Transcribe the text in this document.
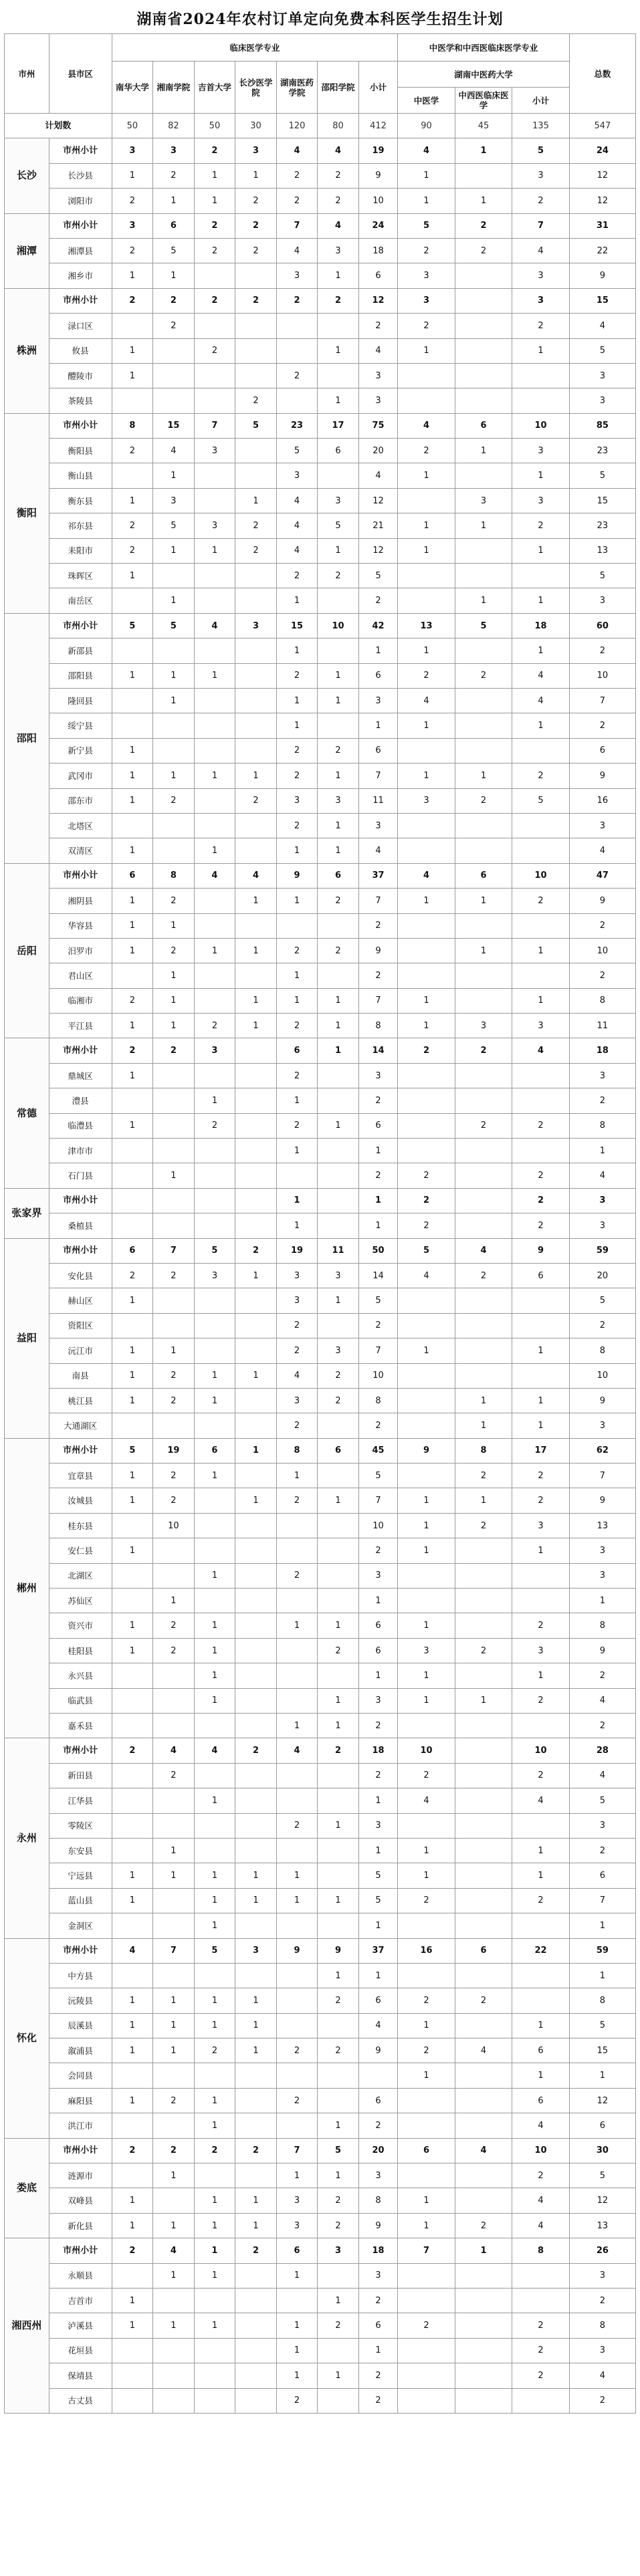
湖南省2024年农村订单定向免费本科医学生招生计划
市州	县市区	临床医学专业							中医学和中西医临床医学专业			总数
		南华大学	湘南学院	吉首大学	长沙医学院	湖南医药学院	邵阳学院	小计	湖南中医药大学			
									中医学	中西医临床医学	小计	
计划数		50	82	50	30	120	80	412	90	45	135	547
长沙	市州小计	3	3	2	3	4	4	19	4	1	5	24
	长沙县	1	2	1	1	2	2	9	1		3	12
	浏阳市	2	1	1	2	2	2	10	1	1	2	12
湘潭	市州小计	3	6	2	2	7	4	24	5	2	7	31
	湘潭县	2	5	2	2	4	3	18	2	2	4	22
	湘乡市	1	1			3	1	6	3		3	9
株洲	市州小计	2	2	2	2	2	2	12	3		3	15
	渌口区		2					2	2		2	4
	攸县	1		2			1	4	1		1	5
	醴陵市	1				2		3				3
	茶陵县				2		1	3				3
衡阳	市州小计	8	15	7	5	23	17	75	4	6	10	85
	衡阳县	2	4	3		5	6	20	2	1	3	23
	衡山县		1			3		4	1		1	5
	衡东县	1	3		1	4	3	12		3	3	15
	祁东县	2	5	3	2	4	5	21	1	1	2	23
	耒阳市	2	1	1	2	4	1	12	1		1	13
	珠晖区	1				2	2	5				5
	南岳区		1			1		2		1	1	3
邵阳	市州小计	5	5	4	3	15	10	42	13	5	18	60
	新邵县					1		1	1		1	2
	邵阳县	1	1	1		2	1	6	2	2	4	10
	隆回县		1			1	1	3	4		4	7
	绥宁县					1		1	1		1	2
	新宁县	1				2	2	6				6
	武冈市	1	1	1	1	2	1	7	1	1	2	9
	邵东市	1	2		2	3	3	11	3	2	5	16
	北塔区					2	1	3				3
	双清区	1		1		1	1	4				4
岳阳	市州小计	6	8	4	4	9	6	37	4	6	10	47
	湘阴县	1	2		1	1	2	7	1	1	2	9
	华容县	1	1					2				2
	汨罗市	1	2	1	1	2	2	9		1	1	10
	君山区		1			1		2				2
	临湘市	2	1		1	1	1	7	1		1	8
	平江县	1	1	2	1	2	1	8	1	3	3	11
常德	市州小计	2	2	3		6	1	14	2	2	4	18
	鼎城区	1				2		3				3
	澧县			1		1		2				2
	临澧县	1		2		2	1	6		2	2	8
	津市市					1		1				1
	石门县		1					2	2		2	4
张家界	市州小计					1		1	2		2	3
	桑植县					1		1	2		2	3
益阳	市州小计	6	7	5	2	19	11	50	5	4	9	59
	安化县	2	2	3	1	3	3	14	4	2	6	20
	赫山区	1				3	1	5				5
	资阳区					2		2				2
	沅江市	1	1			2	3	7	1		1	8
	南县	1	2	1	1	4	2	10				10
	桃江县	1	2	1		3	2	8		1	1	9
	大通湖区					2		2		1	1	3
郴州	市州小计	5	19	6	1	8	6	45	9	8	17	62
	宜章县	1	2	1		1		5		2	2	7
	汝城县	1	2		1	2	1	7	1	1	2	9
	桂东县		10					10	1	2	3	13
	安仁县	1						2	1		1	3
	北湖区			1		2		3				3
	苏仙区		1					1				1
	资兴市	1	2	1		1	1	6	1		2	8
	桂阳县	1	2	1			2	6	3	2	3	9
	永兴县			1				1	1		1	2
	临武县			1			1	3	1	1	2	4
	嘉禾县					1	1	2				2
永州	市州小计	2	4	4	2	4	2	18	10		10	28
	新田县		2					2	2		2	4
	江华县			1				1	4		4	5
	零陵区					2	1	3				3
	东安县		1					1	1		1	2
	宁远县	1	1	1	1	1		5	1		1	6
	蓝山县	1		1	1	1	1	5	2		2	7
	金洞区			1				1				1
怀化	市州小计	4	7	5	3	9	9	37	16	6	22	59
	中方县						1	1				1
	沅陵县	1	1	1	1		2	6	2	2		8
	辰溪县	1	1	1	1			4	1		1	5
	溆浦县	1	1	2	1	2	2	9	2	4	6	15
	会同县								1		1	1
	麻阳县	1	2	1		2		6			6	12
	洪江市			1			1	2			4	6
娄底	市州小计	2	2	2	2	7	5	20	6	4	10	30
	涟源市		1			1	1	3			2	5
	双峰县	1		1	1	3	2	8	1		4	12
	新化县	1	1	1	1	3	2	9	1	2	4	13
湘西州	市州小计	2	4	1	2	6	3	18	7	1	8	26
	永顺县		1	1		1		3				3
	吉首市	1					1	2				2
	泸溪县	1	1	1		1	2	6	2		2	8
	花垣县					1		1			2	3
	保靖县					1	1	2			2	4
	古丈县					2		2				2
